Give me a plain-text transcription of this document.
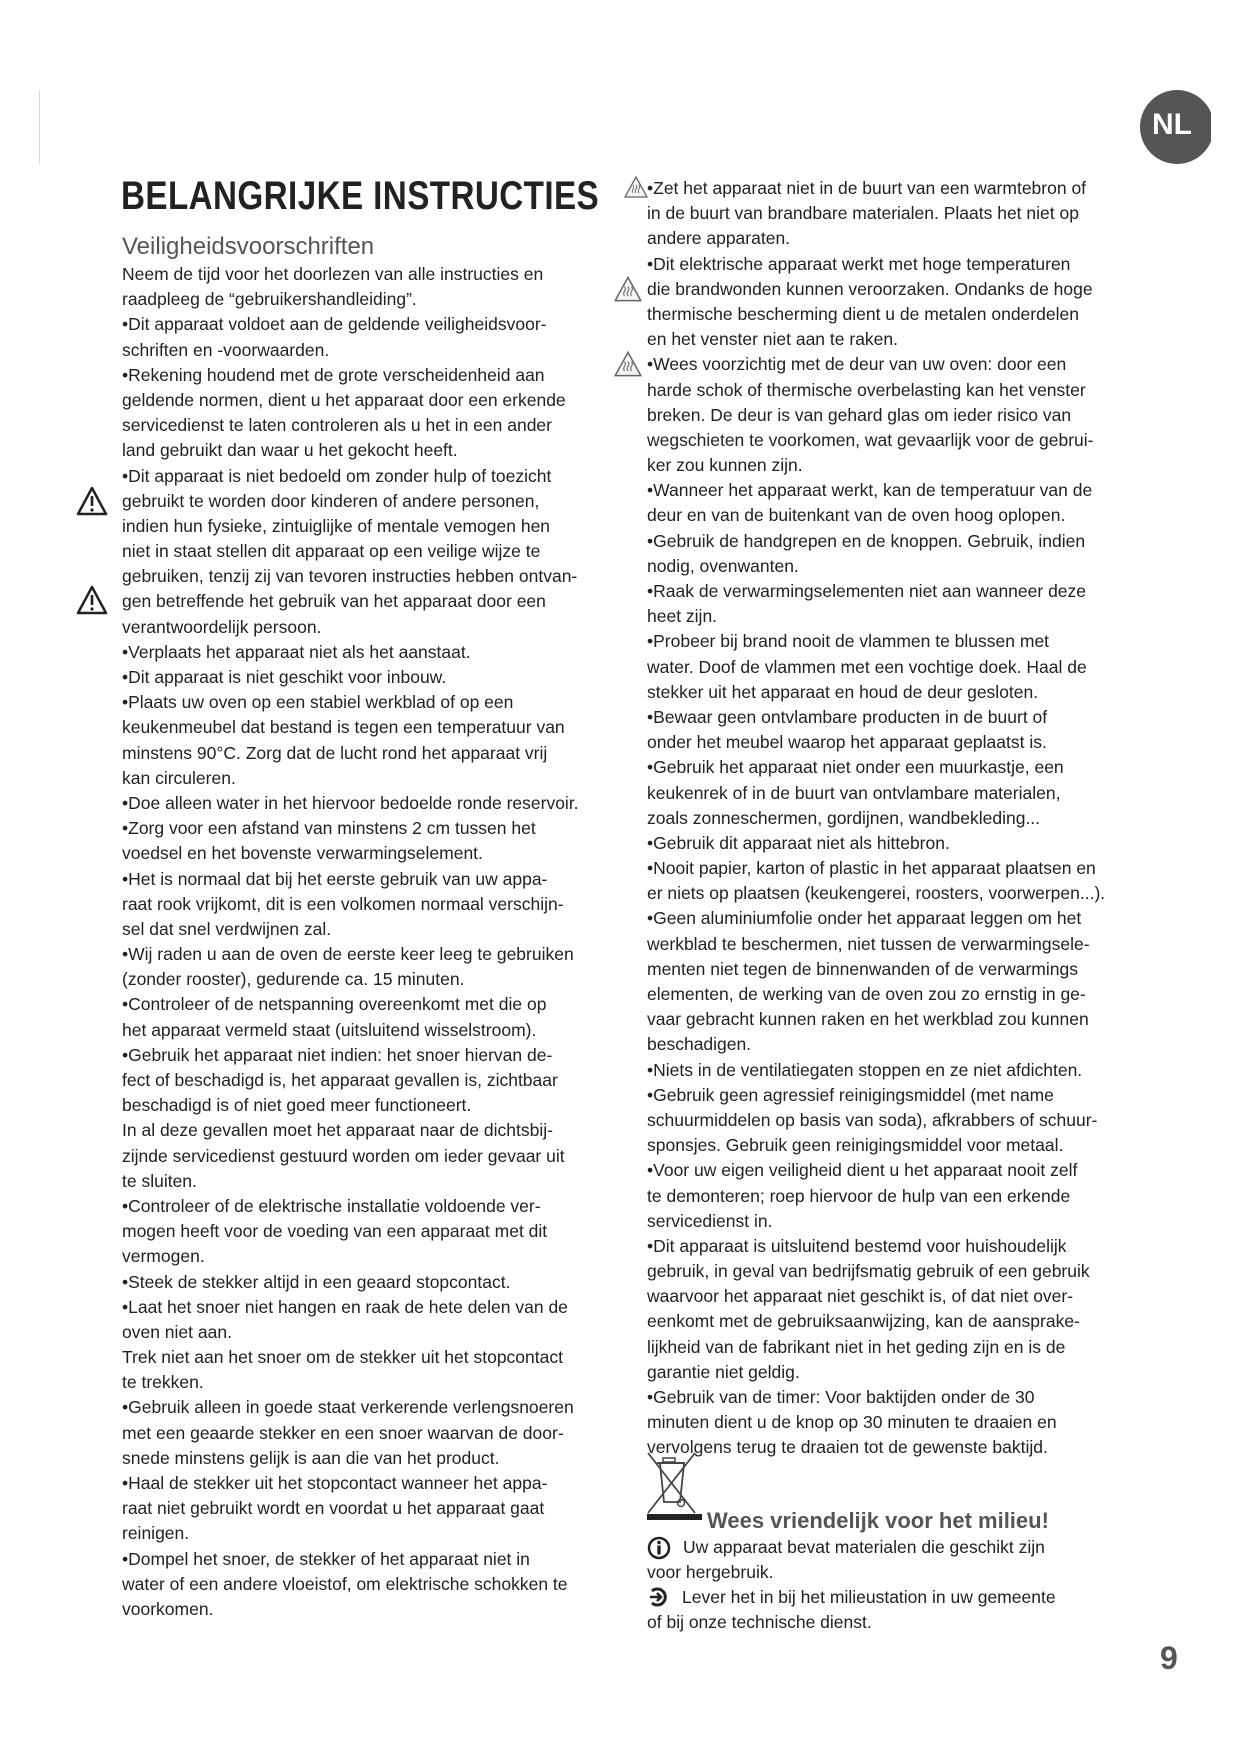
NL
BELANGRIJKE INSTRUCTIES
Veiligheidsvoorschriften
Neem de tijd voor het doorlezen van alle instructies en
raadpleeg de “gebruikershandleiding”.
•Dit apparaat voldoet aan de geldende veiligheidsvoor-
schriften en -voorwaarden.
•Rekening houdend met de grote verscheidenheid aan
geldende normen, dient u het apparaat door een erkende
servicedienst te laten controleren als u het in een ander
land gebruikt dan waar u het gekocht heeft.
•Dit apparaat is niet bedoeld om zonder hulp of toezicht
gebruikt te worden door kinderen of andere personen,
indien hun fysieke, zintuiglijke of mentale vemogen hen
niet in staat stellen dit apparaat op een veilige wijze te
gebruiken, tenzij zij van tevoren instructies hebben ontvan-
gen betreffende het gebruik van het apparaat door een
verantwoordelijk persoon.
•Verplaats het apparaat niet als het aanstaat.
•Dit apparaat is niet geschikt voor inbouw.
•Plaats uw oven op een stabiel werkblad of op een
keukenmeubel dat bestand is tegen een temperatuur van
minstens 90°C. Zorg dat de lucht rond het apparaat vrij
kan circuleren.
•Doe alleen water in het hiervoor bedoelde ronde reservoir.
•Zorg voor een afstand van minstens 2 cm tussen het
voedsel en het bovenste verwarmingselement.
•Het is normaal dat bij het eerste gebruik van uw appa-
raat rook vrijkomt, dit is een volkomen normaal verschijn-
sel dat snel verdwijnen zal.
•Wij raden u aan de oven de eerste keer leeg te gebruiken
(zonder rooster), gedurende ca. 15 minuten.
•Controleer of de netspanning overeenkomt met die op
het apparaat vermeld staat (uitsluitend wisselstroom).
•Gebruik het apparaat niet indien: het snoer hiervan de-
fect of beschadigd is, het apparaat gevallen is, zichtbaar
beschadigd is of niet goed meer functioneert.
In al deze gevallen moet het apparaat naar de dichtsbij-
zijnde servicedienst gestuurd worden om ieder gevaar uit
te sluiten.
•Controleer of de elektrische installatie voldoende ver-
mogen heeft voor de voeding van een apparaat met dit
vermogen.
•Steek de stekker altijd in een geaard stopcontact.
•Laat het snoer niet hangen en raak de hete delen van de
oven niet aan.
Trek niet aan het snoer om de stekker uit het stopcontact
te trekken.
•Gebruik alleen in goede staat verkerende verlengsnoeren
met een geaarde stekker en een snoer waarvan de door-
snede minstens gelijk is aan die van het product.
•Haal de stekker uit het stopcontact wanneer het appa-
raat niet gebruikt wordt en voordat u het apparaat gaat
reinigen.
•Dompel het snoer, de stekker of het apparaat niet in
water of een andere vloeistof, om elektrische schokken te
voorkomen.
•Zet het apparaat niet in de buurt van een warmtebron of
in de buurt van brandbare materialen. Plaats het niet op
andere apparaten.
•Dit elektrische apparaat werkt met hoge temperaturen
die brandwonden kunnen veroorzaken. Ondanks de hoge
thermische bescherming dient u de metalen onderdelen
en het venster niet aan te raken.
•Wees voorzichtig met de deur van uw oven: door een
harde schok of thermische overbelasting kan het venster
breken. De deur is van gehard glas om ieder risico van
wegschieten te voorkomen, wat gevaarlijk voor de gebrui-
ker zou kunnen zijn.
•Wanneer het apparaat werkt, kan de temperatuur van de
deur en van de buitenkant van de oven hoog oplopen.
•Gebruik de handgrepen en de knoppen. Gebruik, indien
nodig, ovenwanten.
•Raak de verwarmingselementen niet aan wanneer deze
heet zijn.
•Probeer bij brand nooit de vlammen te blussen met
water. Doof de vlammen met een vochtige doek. Haal de
stekker uit het apparaat en houd de deur gesloten.
•Bewaar geen ontvlambare producten in de buurt of
onder het meubel waarop het apparaat geplaatst is.
•Gebruik het apparaat niet onder een muurkastje, een
keukenrek of in de buurt van ontvlambare materialen,
zoals zonneschermen, gordijnen, wandbekleding...
•Gebruik dit apparaat niet als hittebron.
•Nooit papier, karton of plastic in het apparaat plaatsen en
er niets op plaatsen (keukengerei, roosters, voorwerpen...).
•Geen aluminiumfolie onder het apparaat leggen om het
werkblad te beschermen, niet tussen de verwarmingsele-
menten niet tegen de binnenwanden of de verwarmings
elementen, de werking van de oven zou zo ernstig in ge-
vaar gebracht kunnen raken en het werkblad zou kunnen
beschadigen.
•Niets in de ventilatiegaten stoppen en ze niet afdichten.
•Gebruik geen agressief reinigingsmiddel (met name
schuurmiddelen op basis van soda), afkrabbers of schuur-
sponsjes. Gebruik geen reinigingsmiddel voor metaal.
•Voor uw eigen veiligheid dient u het apparaat nooit zelf
te demonteren; roep hiervoor de hulp van een erkende
servicedienst in.
•Dit apparaat is uitsluitend bestemd voor huishoudelijk
gebruik, in geval van bedrijfsmatig gebruik of een gebruik
waarvoor het apparaat niet geschikt is, of dat niet over-
eenkomt met de gebruiksaanwijzing, kan de aansprake-
lijkheid van de fabrikant niet in het geding zijn en is de
garantie niet geldig.
•Gebruik van de timer: Voor baktijden onder de 30
minuten dient u de knop op 30 minuten te draaien en
vervolgens terug te draaien tot de gewenste baktijd.
Wees vriendelijk voor het milieu!
Uw apparaat bevat materialen die geschikt zijn
voor hergebruik.
Lever het in bij het milieustation in uw gemeente
of bij onze technische dienst.
9
